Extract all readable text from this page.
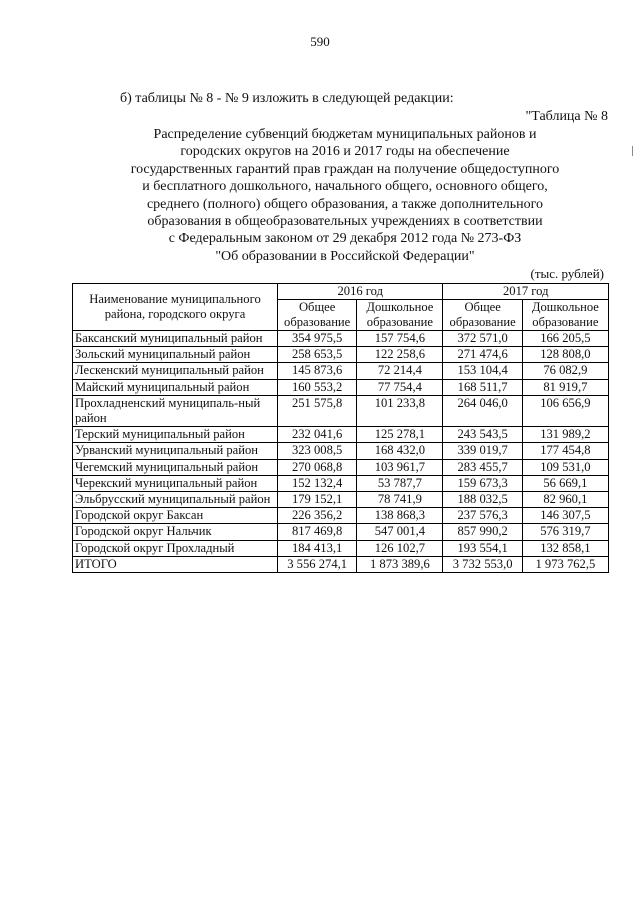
590
б) таблицы № 8 - № 9 изложить в следующей редакции:
"Таблица № 8
Распределение субвенций бюджетам муниципальных районов и
городских округов на 2016 и 2017 годы на обеспечение
государственных гарантий прав граждан на получение общедоступного
и бесплатного дошкольного, начального общего, основного общего,
среднего (полного) общего образования, а также дополнительного
образования в общеобразовательных учреждениях в соответствии
с Федеральным законом от 29 декабря 2012 года № 273-ФЗ
"Об образовании в Российской Федерации"
(тыс. рублей)
Наименование муниципального района, городского округа	2016 год		2017 год	
	Общее образование	Дошкольное образование	Общее образование	Дошкольное образование
Баксанский муниципальный район	354 975,5	157 754,6	372 571,0	166 205,5
Зольский муниципальный район	258 653,5	122 258,6	271 474,6	128 808,0
Лескенский муниципальный район	145 873,6	72 214,4	153 104,4	76 082,9
Майский муниципальный район	160 553,2	77 754,4	168 511,7	81 919,7
Прохладненский муниципаль-ный район	251 575,8	101 233,8	264 046,0	106 656,9
Терский муниципальный район	232 041,6	125 278,1	243 543,5	131 989,2
Урванский муниципальный район	323 008,5	168 432,0	339 019,7	177 454,8
Чегемский муниципальный район	270 068,8	103 961,7	283 455,7	109 531,0
Черекский муниципальный район	152 132,4	53 787,7	159 673,3	56 669,1
Эльбрусский муниципальный район	179 152,1	78 741,9	188 032,5	82 960,1
Городской округ Баксан	226 356,2	138 868,3	237 576,3	146 307,5
Городской округ Нальчик	817 469,8	547 001,4	857 990,2	576 319,7
Городской округ Прохладный	184 413,1	126 102,7	193 554,1	132 858,1
ИТОГО	3 556 274,1	1 873 389,6	3 732 553,0	1 973 762,5
